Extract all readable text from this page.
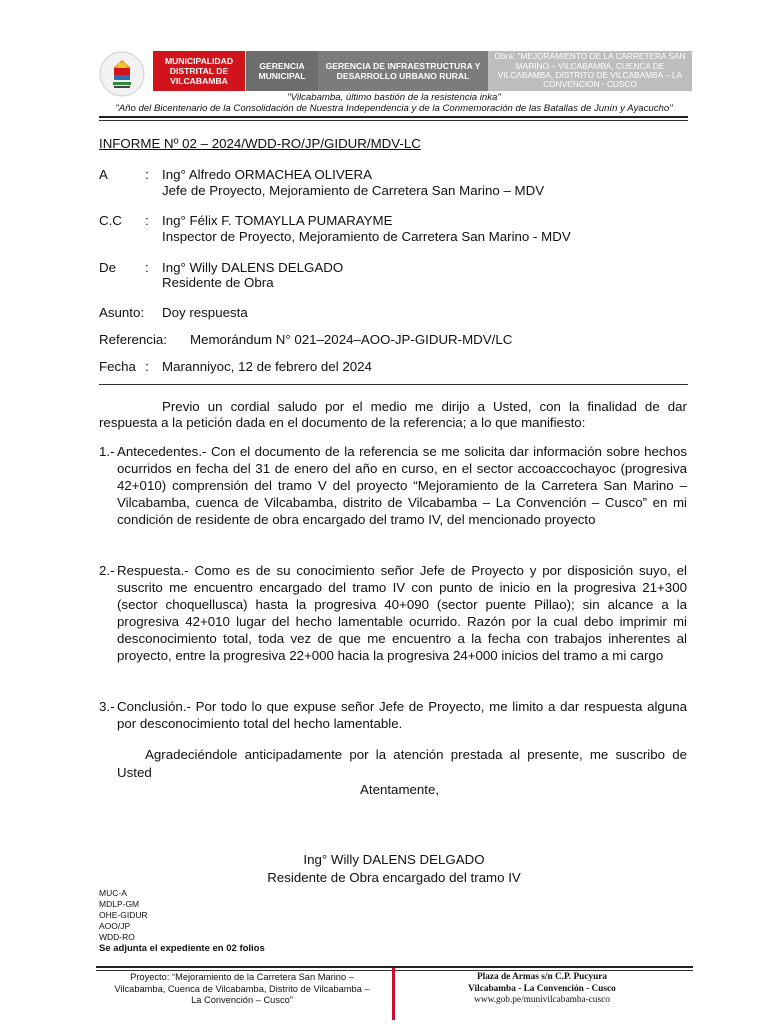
MUNICIPALIDAD DISTRITAL DE VILCABAMBA
GERENCIA MUNICIPAL
GERENCIA DE INFRAESTRUCTURA Y DESARROLLO URBANO RURAL
Obra: "MEJORAMIENTO DE LA CARRETERA SAN MARINO – VILCABAMBA, CUENCA DE VILCABAMBA, DISTRITO DE VILCABAMBA – LA CONVENCION - CUSCO
"Vilcabamba, último bastión de la resistencia inka"
"Año del Bicentenario de la Consolidación de Nuestra Independencia y de la Conmemoración de las Batallas de Junín y Ayacucho"
INFORME Nº 02 – 2024/WDD-RO/JP/GIDUR/MDV-LC
A	: Ing° Alfredo ORMACHEA OLIVERA
Jefe de Proyecto, Mejoramiento de Carretera San Marino – MDV
C.C : Ing° Félix F. TOMAYLLA PUMARAYME
Inspector de Proyecto, Mejoramiento de Carretera San Marino - MDV
De : Ing° Willy DALENS DELGADO
Residente de Obra
Asunto: Doy respuesta
Referencia: Memorándum N° 021–2024–AOO-JP-GIDUR-MDV/LC
Fecha : Maranniyoc, 12 de febrero del 2024
Previo un cordial saludo por el medio me dirijo a Usted, con la finalidad de dar
respuesta a la petición dada en el documento de la referencia; a lo que manifiesto:
1.- Antecedentes.- Con el documento de la referencia se me solicita dar información sobre hechos ocurridos en fecha del 31 de enero del año en curso, en el sector accoaccochayoc (progresiva 42+010) comprensión del tramo V del proyecto “Mejoramiento de la Carretera San Marino – Vilcabamba, cuenca de Vilcabamba, distrito de Vilcabamba – La Convención – Cusco” en mi condición de residente de obra encargado del tramo IV, del mencionado proyecto
2.- Respuesta.- Como es de su conocimiento señor Jefe de Proyecto y por disposición suyo, el suscrito me encuentro encargado del tramo IV con punto de inicio en la progresiva 21+300 (sector choquellusca) hasta la progresiva 40+090 (sector puente Pillao); sin alcance a la progresiva 42+010 lugar del hecho lamentable ocurrido. Razón por la cual debo imprimir mi desconocimiento total, toda vez de que me encuentro a la fecha con trabajos inherentes al proyecto, entre la progresiva 22+000 hacia la progresiva 24+000 inicios del tramo a mi cargo
3.- Conclusión.- Por todo lo que expuse señor Jefe de Proyecto, me limito a dar respuesta alguna por desconocimiento total del hecho lamentable.
Agradeciéndole anticipadamente por la atención prestada al presente, me suscribo de
Usted
Atentamente,
Ing° Willy DALENS DELGADO
Residente de Obra encargado del tramo IV
MUC-A
MDLP-GM
OHE-GIDUR
AOO/JP
WDD-RO
Se adjunta el expediente en 02 folios
Proyecto: “Mejoramiento de la Carretera San Marino –
Vilcabamba, Cuenca de Vilcabamba, Distrito de Vilcabamba –
La Convención – Cusco”
Plaza de Armas s/n C.P. Pucyura
Vilcabamba - La Convención - Cusco
www.gob.pe/munivilcabamba-cusco
